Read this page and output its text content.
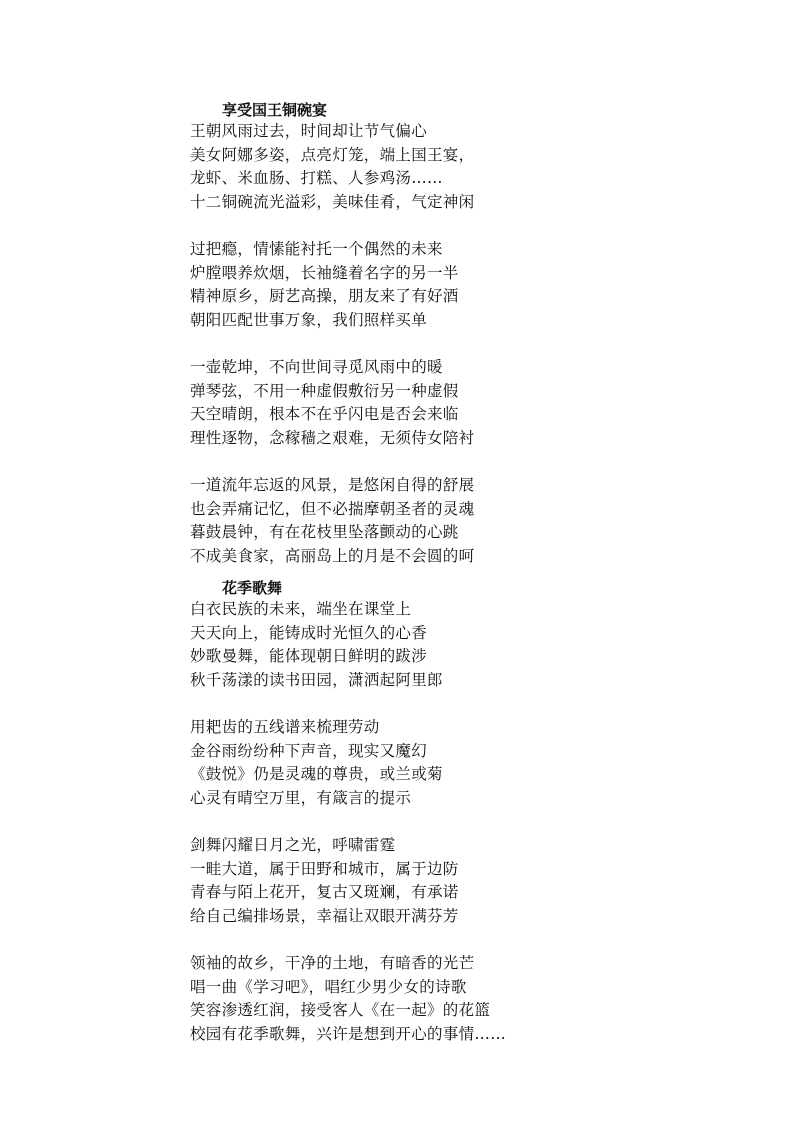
享受国王铜碗宴
王朝风雨过去，时间却让节气偏心
美女阿娜多姿，点亮灯笼，端上国王宴，
龙虾、米血肠、打糕、人参鸡汤……
十二铜碗流光溢彩，美味佳肴，气定神闲
过把瘾，情愫能衬托一个偶然的未来
炉膛喂养炊烟，长袖缝着名字的另一半
精神原乡，厨艺高操，朋友来了有好酒
朝阳匹配世事万象，我们照样买单
一壶乾坤，不向世间寻觅风雨中的暖
弹琴弦，不用一种虚假敷衍另一种虚假
天空晴朗，根本不在乎闪电是否会来临
理性逐物，念稼穑之艰难，无须侍女陪衬
一道流年忘返的风景，是悠闲自得的舒展
也会弄痛记忆，但不必揣摩朝圣者的灵魂
暮鼓晨钟，有在花枝里坠落颤动的心跳
不成美食家，高丽岛上的月是不会圆的呵
花季歌舞
白衣民族的未来，端坐在课堂上
天天向上，能铸成时光恒久的心香
妙歌曼舞，能体现朝日鲜明的跋涉
秋千荡漾的读书田园，潇洒起阿里郎
用耙齿的五线谱来梳理劳动
金谷雨纷纷种下声音，现实又魔幻
《鼓悦》仍是灵魂的尊贵，或兰或菊
心灵有晴空万里，有箴言的提示
剑舞闪耀日月之光，呼啸雷霆
一畦大道，属于田野和城市，属于边防
青春与陌上花开，复古又斑斓，有承诺
给自己编排场景，幸福让双眼开满芬芳
领袖的故乡，干净的土地，有暗香的光芒
唱一曲《学习吧》，唱红少男少女的诗歌
笑容渗透红润，接受客人《在一起》的花篮
校园有花季歌舞，兴许是想到开心的事情……
